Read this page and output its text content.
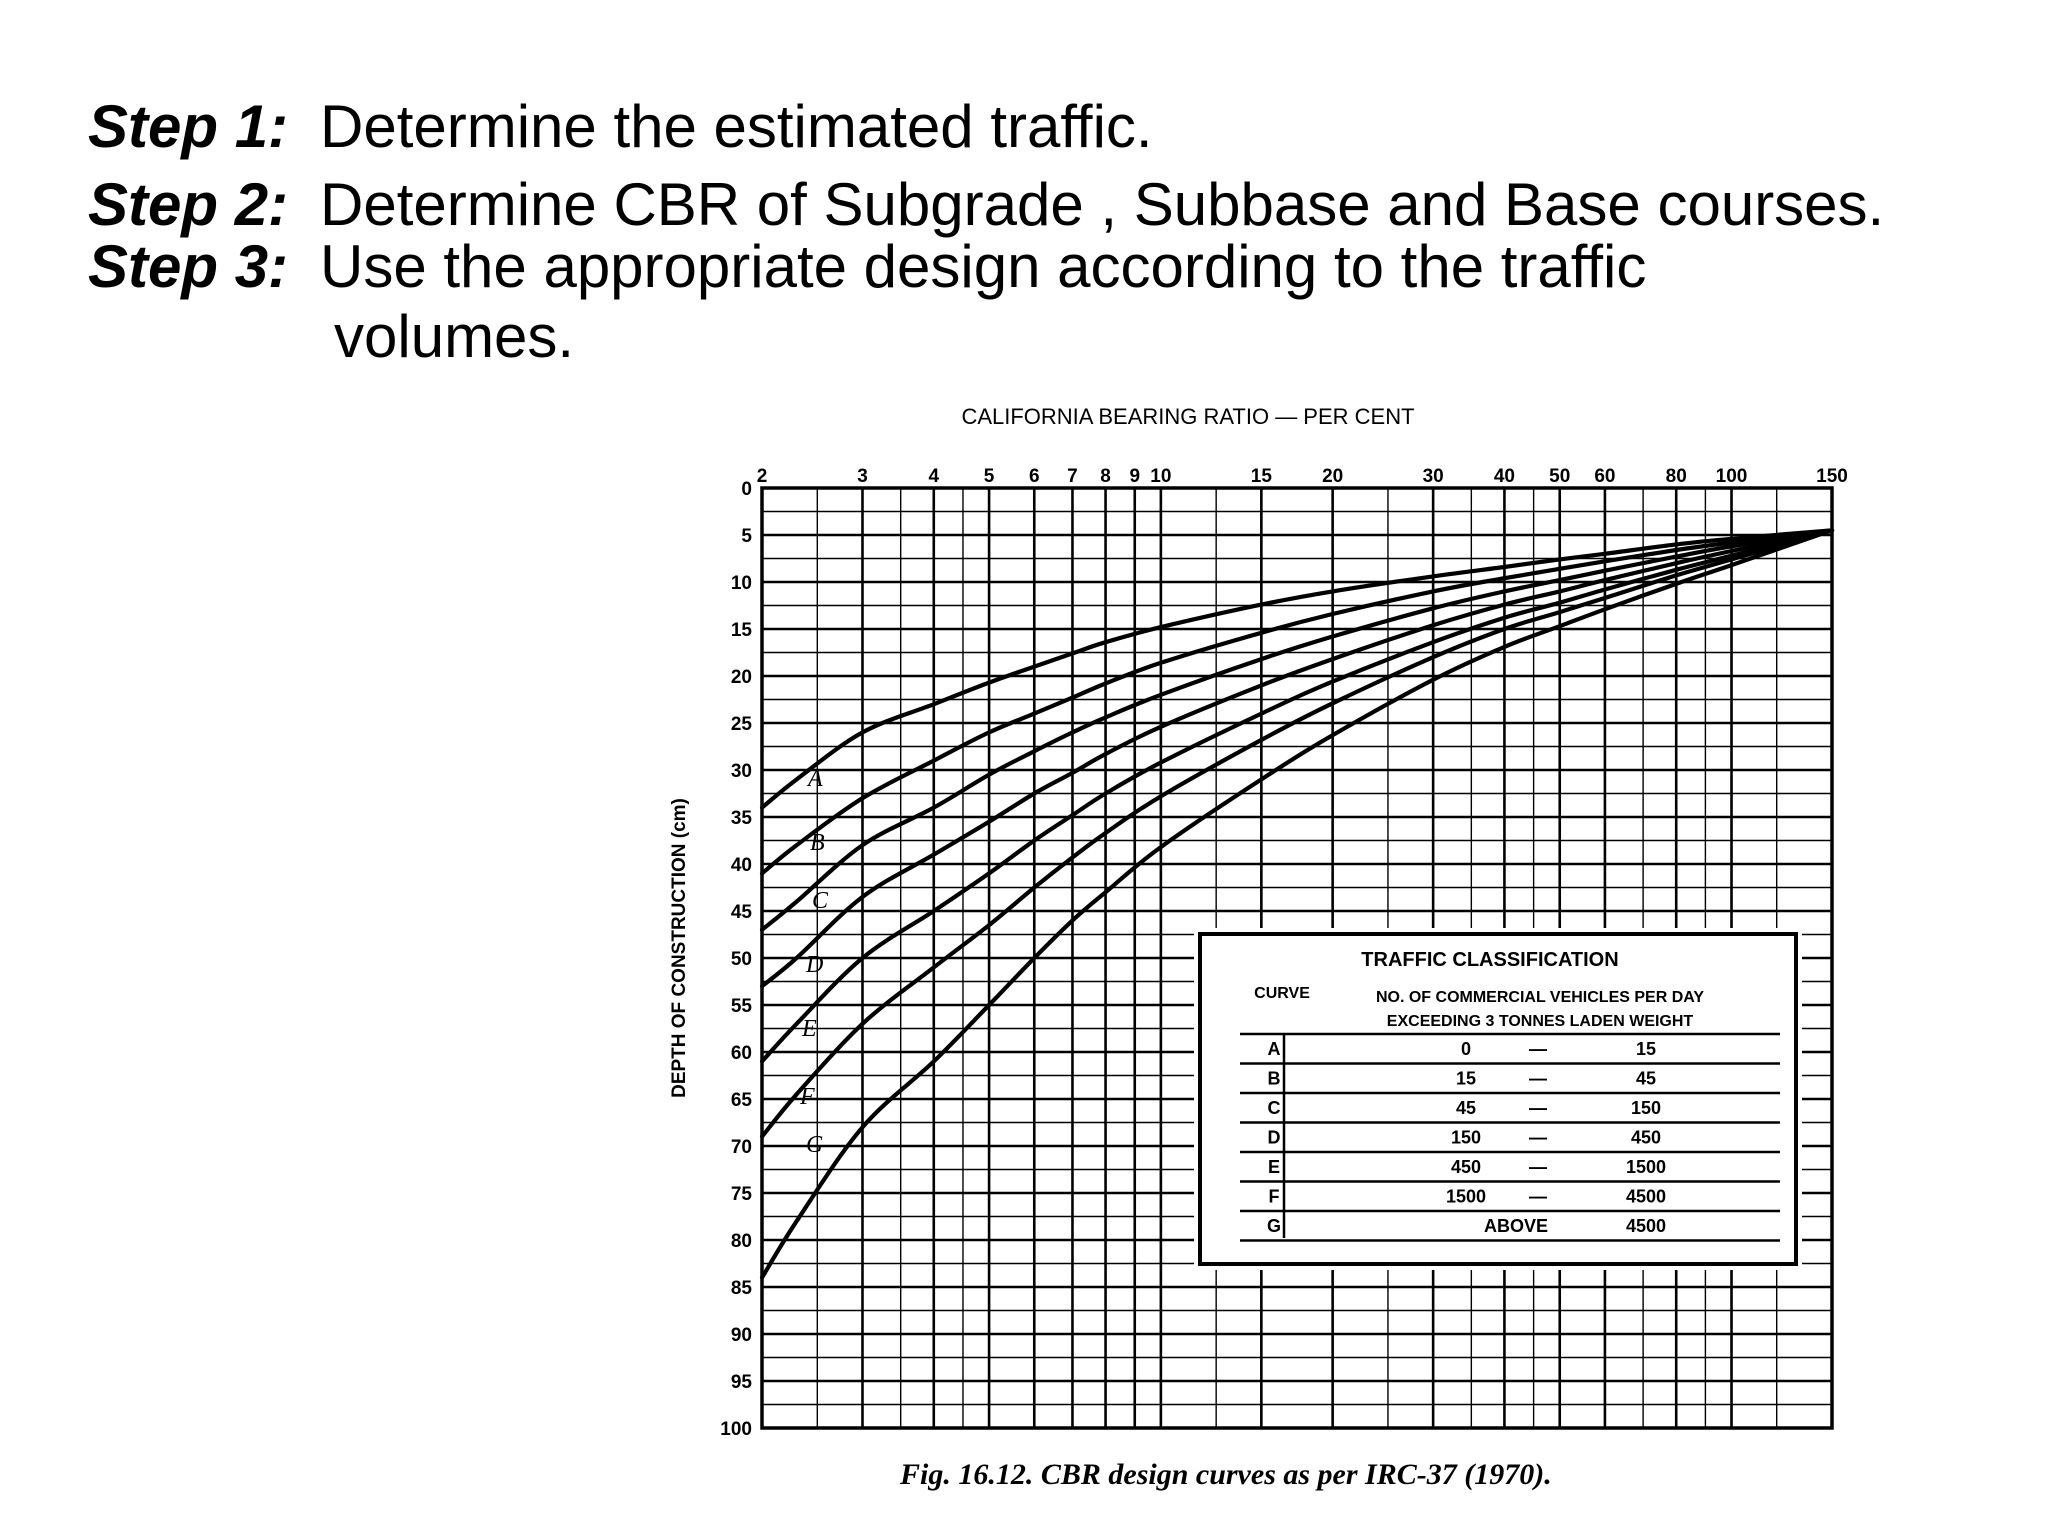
Step 1: Determine the estimated traffic.
Step 2: Determine CBR of Subgrade , Subbase and Base courses.
Step 3: Use the appropriate design according to the traffic
volumes.
A
B
C
D
E
F
G
CALIFORNIA BEARING RATIO — PER CENT
2	3	4 5 6 7 8 9 10	15	20	30	40 50 60	80 100	150
0
5
10
15
20
25
30
35
40
45
50
55
60
65
70
75
80
85
90
95
100
DEPTH OF CONSTRUCTION (cm)	TRAFFIC CLASSIFICATION
CURVE	NO. OF COMMERCIAL VEHICLES PER DAY
EXCEEDING 3 TONNES LADEN WEIGHT
A	0	—	15
B	15	—	45
C	45	—	150
D	150	—	450
E	450	—	1500
F	1500 —	4500
G	ABOVE	4500
Fig. 16.12. CBR design curves as per IRC-37 (1970).
